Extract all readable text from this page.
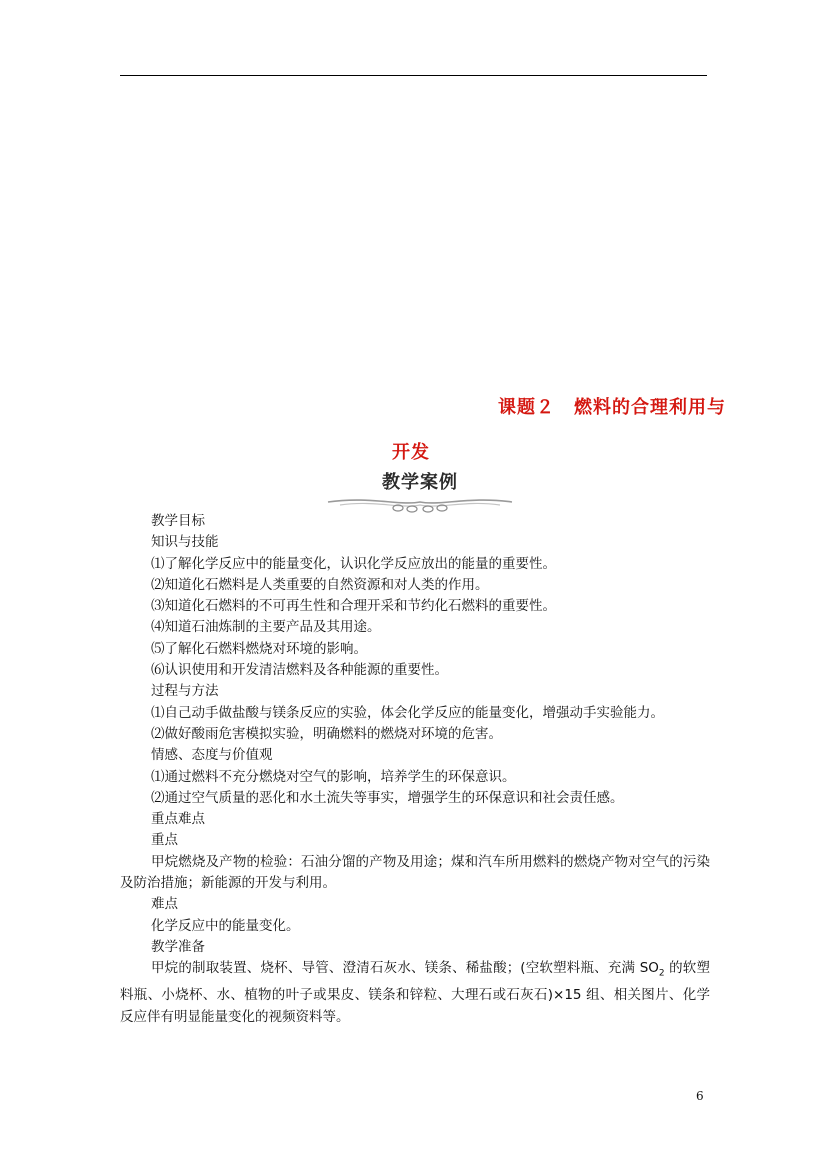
课题２　燃料的合理利用与
开发
教学案例

教学目标

知识与技能

⑴了解化学反应中的能量变化，认识化学反应放出的能量的重要性。

⑵知道化石燃料是人类重要的自然资源和对人类的作用。

⑶知道化石燃料的不可再生性和合理开采和节约化石燃料的重要性。

⑷知道石油炼制的主要产品及其用途。

⑸了解化石燃料燃烧对环境的影响。

⑹认识使用和开发清洁燃料及各种能源的重要性。

过程与方法

⑴自己动手做盐酸与镁条反应的实验，体会化学反应的能量变化，增强动手实验能力。

⑵做好酸雨危害模拟实验，明确燃料的燃烧对环境的危害。

情感、态度与价值观

⑴通过燃料不充分燃烧对空气的影响，培养学生的环保意识。

⑵通过空气质量的恶化和水土流失等事实，增强学生的环保意识和社会责任感。

重点难点

重点

甲烷燃烧及产物的检验：石油分馏的产物及用途；煤和汽车所用燃料的燃烧产物对空气的污染及防治措施；新能源的开发与利用。

难点

化学反应中的能量变化。

教学准备

甲烷的制取装置、烧杯、导管、澄清石灰水、镁条、稀盐酸；(空软塑料瓶、充满 $SO_2$ 的软塑料瓶、小烧杯、水、植物的叶子或果皮、镁条和锌粒、大理石或石灰石)×15 组、相关图片、化学反应伴有明显能量变化的视频资料等。

6
